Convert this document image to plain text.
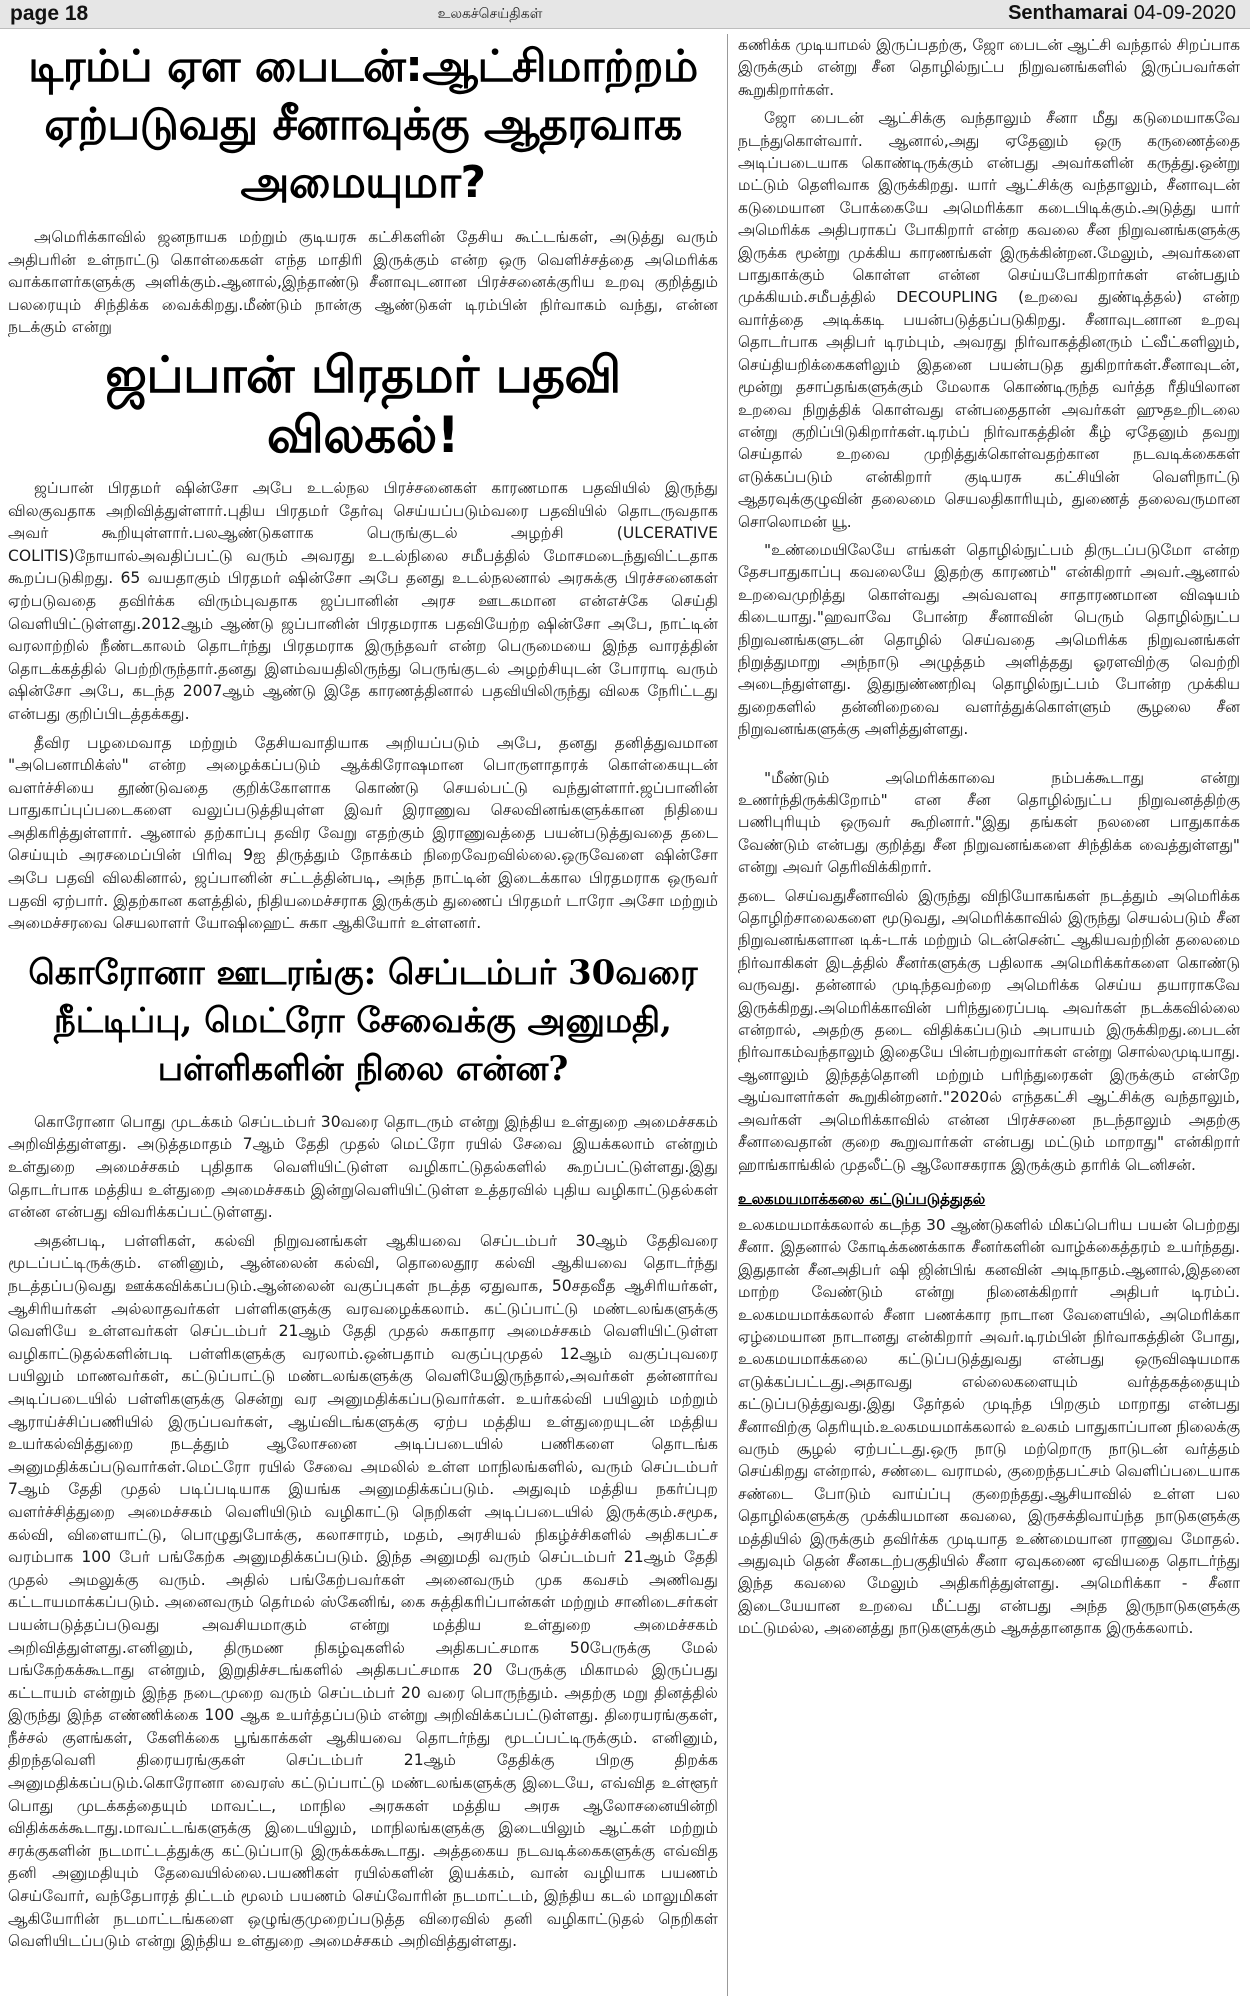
page 18	உலகச்செய்திகள்	Senthamarai 04-09-2020
டிரம்ப் ஏள பைடன்:ஆட்சிமாற்றம் ஏற்படுவது சீனாவுக்கு ஆதரவாக அமையுமா?

அமெரிக்காவில் ஜனநாயக மற்றும் குடியரசு கட்சிகளின் தேசிய கூட்டங்கள், அடுத்து வரும் அதிபரின் உள்நாட்டு கொள்கைகள் எந்த மாதிரி இருக்கும் என்ற ஒரு வெளிச்சத்தை அமெரிக்க வாக்காளர்களுக்கு அளிக்கும்.ஆனால்,இந்தாண்டு சீனாவுடனான பிரச்சனைக்குரிய உறவு குறித்தும் பலரையும் சிந்திக்க வைக்கிறது.மீண்டும் நான்கு ஆண்டுகள் டிரம்பின் நிர்வாகம் வந்து, என்ன நடக்கும் என்று

ஜப்பான் பிரதமர் பதவி விலகல்!

ஜப்பான் பிரதமர் ஷின்சோ அபே உடல்நல பிரச்சனைகள் காரணமாக பதவியில் இருந்து விலகுவதாக அறிவித்துள்ளார்.புதிய பிரதமர் தேர்வு செய்யப்படும்வரை பதவியில் தொடருவதாக அவர் கூறியுள்ளார்.பலஆண்டுகளாக பெருங்குடல் அழற்சி (ULCERATIVE COLITIS)நோயால்அவதிப்பட்டு வரும் அவரது உடல்நிலை சமீபத்தில் மோசமடைந்துவிட்டதாக கூறப்படுகிறது. 65 வயதாகும் பிரதமர் ஷின்சோ அபே தனது உடல்நலனால் அரசுக்கு பிரச்சனைகள் ஏற்படுவதை தவிர்க்க விரும்புவதாக ஜப்பானின் அரச ஊடகமான என்எச்கே செய்தி வெளியிட்டுள்ளது.2012ஆம் ஆண்டு ஜப்பானின் பிரதமராக பதவியேற்ற ஷின்சோ அபே, நாட்டின் வரலாற்றில் நீண்டகாலம் தொடர்ந்து பிரதமராக இருந்தவர் என்ற பெருமையை இந்த வாரத்தின் தொடக்கத்தில் பெற்றிருந்தார்.தனது இளம்வயதிலிருந்து பெருங்குடல் அழற்சியுடன் போராடி வரும் ஷின்சோ அபே, கடந்த 2007ஆம் ஆண்டு இதே காரணத்தினால் பதவியிலிருந்து விலக நேரிட்டது என்பது குறிப்பிடத்தக்கது.

தீவிர பழமைவாத மற்றும் தேசியவாதியாக அறியப்படும் அபே, தனது தனித்துவமான "அபெனாமிக்ஸ்" என்ற அழைக்கப்படும் ஆக்கிரோஷமான பொருளாதாரக் கொள்கையுடன் வளர்ச்சியை தூண்டுவதை குறிக்கோளாக கொண்டு செயல்பட்டு வந்துள்ளார்.ஜப்பானின் பாதுகாப்புப்படைகளை வலுப்படுத்தியுள்ள இவர் இராணுவ செலவினங்களுக்கான நிதியை அதிகரித்துள்ளார். ஆனால் தற்காப்பு தவிர வேறு எதற்கும் இராணுவத்தை பயன்படுத்துவதை தடை செய்யும் அரசமைப்பின் பிரிவு 9ஐ திருத்தும் நோக்கம் நிறைவேறவில்லை.ஒருவேளை ஷின்சோ அபே பதவி விலகினால், ஜப்பானின் சட்டத்தின்படி, அந்த நாட்டின் இடைக்கால பிரதமராக ஒருவர் பதவி ஏற்பார். இதற்கான களத்தில், நிதியமைச்சராக இருக்கும் துணைப் பிரதமர் டாரோ அசோ மற்றும் அமைச்சரவை செயலாளர் யோஷிஹைட் சுகா ஆகியோர் உள்ளனர்.

கொரோனா ஊடரங்கு: செப்டம்பர் 30வரை நீட்டிப்பு, மெட்ரோ சேவைக்கு அனுமதி, பள்ளிகளின் நிலை என்ன?

கொரோனா பொது முடக்கம் செப்டம்பர் 30வரை தொடரும் என்று இந்திய உள்துறை அமைச்சகம் அறிவித்துள்ளது. அடுத்தமாதம் 7ஆம் தேதி முதல் மெட்ரோ ரயில் சேவை இயக்கலாம் என்றும் உள்துறை அமைச்சகம் புதிதாக வெளியிட்டுள்ள வழிகாட்டுதல்களில் கூறப்பட்டுள்ளது.இது தொடர்பாக மத்திய உள்துறை அமைச்சகம் இன்றுவெளியிட்டுள்ள உத்தரவில் புதிய வழிகாட்டுதல்கள் என்ன என்பது விவரிக்கப்பட்டுள்ளது.

அதன்படி, பள்ளிகள், கல்வி நிறுவனங்கள் ஆகியவை செப்டம்பர் 30ஆம் தேதிவரை மூடப்பட்டிருக்கும். எனினும், ஆன்லைன் கல்வி, தொலைதூர கல்வி ஆகியவை தொடர்ந்து நடத்தப்படுவது ஊக்கவிக்கப்படும்.ஆன்லைன் வகுப்புகள் நடத்த ஏதுவாக, 50சதவீத ஆசிரியர்கள், ஆசிரியர்கள் அல்லாதவர்கள் பள்ளிகளுக்கு வரவழைக்கலாம். கட்டுப்பாட்டு மண்டலங்களுக்கு வெளியே உள்ளவர்கள் செப்டம்பர் 21ஆம் தேதி முதல் சுகாதார அமைச்சகம் வெளியிட்டுள்ள வழிகாட்டுதல்களின்படி பள்ளிகளுக்கு வரலாம்.ஒன்பதாம் வகுப்புமுதல் 12ஆம் வகுப்புவரை பயிலும் மாணவர்கள், கட்டுப்பாட்டு மண்டலங்களுக்கு வெளியேஇருந்தால்,அவர்கள் தன்னார்வ அடிப்படையில் பள்ளிகளுக்கு சென்று வர அனுமதிக்கப்படுவார்கள். உயர்கல்வி பயிலும் மற்றும் ஆராய்ச்சிப்பணியில் இருப்பவர்கள், ஆய்விடங்களுக்கு ஏற்ப மத்திய உள்துறையுடன் மத்திய உயர்கல்வித்துறை நடத்தும் ஆலோசனை அடிப்படையில் பணிகளை தொடங்க அனுமதிக்கப்படுவார்கள்.மெட்ரோ ரயில் சேவை அமலில் உள்ள மாநிலங்களில், வரும் செப்டம்பர் 7ஆம் தேதி முதல் படிப்படியாக இயங்க அனுமதிக்கப்படும். அதுவும் மத்திய நகர்ப்புற வளர்ச்சித்துறை அமைச்சகம் வெளியிடும் வழிகாட்டு நெறிகள் அடிப்படையில் இருக்கும்.சமூக, கல்வி, விளையாட்டு, பொழுதுபோக்கு, கலாசாரம், மதம், அரசியல் நிகழ்ச்சிகளில் அதிகபட்ச வரம்பாக 100 பேர் பங்கேற்க அனுமதிக்கப்படும். இந்த அனுமதி வரும் செப்டம்பர் 21ஆம் தேதி முதல் அமலுக்கு வரும். அதில் பங்கேற்பவர்கள் அனைவரும் முக கவசம் அணிவது கட்டாயமாக்கப்படும். அனைவரும் தெர்மல் ஸ்கேனிங், கை சுத்திகரிப்பான்கள் மற்றும் சானிடைசர்கள் பயன்படுத்தப்படுவது அவசியமாகும் என்று மத்திய உள்துறை அமைச்சகம் அறிவித்துள்ளது.எனினும், திருமண நிகழ்வுகளில் அதிகபட்சமாக 50பேருக்கு மேல் பங்கேற்கக்கூடாது என்றும், இறுதிச்சடங்களில் அதிகபட்சமாக 20 பேருக்கு மிகாமல் இருப்பது கட்டாயம் என்றும் இந்த நடைமுறை வரும் செப்டம்பர் 20 வரை பொருந்தும். அதற்கு மறு தினத்தில் இருந்து இந்த எண்ணிக்கை 100 ஆக உயர்த்தப்படும் என்று அறிவிக்கப்பட்டுள்ளது. திரையரங்குகள், நீச்சல் குளங்கள், கேளிக்கை பூங்காக்கள் ஆகியவை தொடர்ந்து மூடப்பட்டிருக்கும். எனினும், திறந்தவெளி திரையரங்குகள் செப்டம்பர் 21ஆம் தேதிக்கு பிறகு திறக்க அனுமதிக்கப்படும்.கொரோனா வைரஸ் கட்டுப்பாட்டு மண்டலங்களுக்கு இடையே, எவ்வித உள்ளூர் பொது முடக்கத்தையும் மாவட்ட, மாநில அரசுகள் மத்திய அரசு ஆலோசனையின்றி விதிக்கக்கூடாது.மாவட்டங்களுக்கு இடையிலும், மாநிலங்களுக்கு இடையிலும் ஆட்கள் மற்றும் சரக்குகளின் நடமாட்டத்துக்கு கட்டுப்பாடு இருக்கக்கூடாது. அத்தகைய நடவடிக்கைகளுக்கு எவ்வித தனி அனுமதியும் தேவையில்லை.பயணிகள் ரயில்களின் இயக்கம், வான் வழியாக பயணம் செய்வோர், வந்தேபாரத் திட்டம் மூலம் பயணம் செய்வோரின் நடமாட்டம், இந்திய கடல் மாலுமிகள் ஆகியோரின் நடமாட்டங்களை ஒழுங்குமுறைப்படுத்த விரைவில் தனி வழிகாட்டுதல் நெறிகள் வெளியிடப்படும் என்று இந்திய உள்துறை அமைச்சகம் அறிவித்துள்ளது.

கணிக்க முடியாமல் இருப்பதற்கு, ஜோ பைடன் ஆட்சி வந்தால் சிறப்பாக இருக்கும் என்று சீன தொழில்நுட்ப நிறுவனங்களில் இருப்பவர்கள் கூறுகிறார்கள்.

ஜோ பைடன் ஆட்சிக்கு வந்தாலும் சீனா மீது கடுமையாகவே நடந்துகொள்வார். ஆனால்,அது ஏதேனும் ஒரு கருணைத்தை அடிப்படையாக கொண்டிருக்கும் என்பது அவர்களின் கருத்து.ஒன்று மட்டும் தெளிவாக இருக்கிறது. யார் ஆட்சிக்கு வந்தாலும், சீனாவுடன் கடுமையான போக்கையே அமெரிக்கா கடைபிடிக்கும்.அடுத்து யார் அமெரிக்க அதிபராகப் போகிறார் என்ற கவலை சீன நிறுவனங்களுக்கு இருக்க மூன்று முக்கிய காரணங்கள் இருக்கின்றன.மேலும், அவர்களை பாதுகாக்கும் கொள்ள என்ன செய்யபோகிறார்கள் என்பதும் முக்கியம்.சமீபத்தில் DECOUPLING (உறவை துண்டித்தல்) என்ற வார்த்தை அடிக்கடி பயன்படுத்தப்படுகிறது. சீனாவுடனான உறவு தொடர்பாக அதிபர் டிரம்பும், அவரது நிர்வாகத்தினரும் ட்வீட்களிலும், செய்தியறிக்கைகளிலும் இதனை பயன்படுத துகிறார்கள்.சீனாவுடன், மூன்று தசாப்தங்களுக்கும் மேலாக கொண்டிருந்த வர்த்த ரீதியிலான உறவை நிறுத்திக் கொள்வது என்பதைதான் அவர்கள் ஹுதஉறிடலை என்று குறிப்பிடுகிறார்கள்.டிரம்ப் நிர்வாகத்தின் கீழ் ஏதேனும் தவறு செய்தால் உறவை முறித்துக்கொள்வதற்கான நடவடிக்கைகள் எடுக்கப்படும் என்கிறார் குடியரசு கட்சியின் வெளிநாட்டு ஆதரவுக்குழுவின் தலைமை செயலதிகாரியும், துணைத் தலைவருமான சொலொமன் யூ.

"உண்மையிலேயே எங்கள் தொழில்நுட்பம் திருடப்படுமோ என்ற தேசபாதுகாப்பு கவலையே இதற்கு காரணம்" என்கிறார் அவர்.ஆனால் உறவைமுறித்து கொள்வது அவ்வளவு சாதாரணமான விஷயம் கிடையாது."ஹவாவே போன்ற சீனாவின் பெரும் தொழில்நுட்ப நிறுவனங்களுடன் தொழில் செய்வதை அமெரிக்க நிறுவனங்கள் நிறுத்துமாறு அந்நாடு அழுத்தம் அளித்தது ஓரளவிற்கு வெற்றி அடைந்துள்ளது. இதுநுண்ணறிவு தொழில்நுட்பம் போன்ற முக்கிய துறைகளில் தன்னிறைவை வளர்த்துக்கொள்ளும் சூழலை சீன நிறுவனங்களுக்கு அளித்துள்ளது.

"மீண்டும் அமெரிக்காவை நம்பக்கூடாது என்று உணர்ந்திருக்கிறோம்" என சீன தொழில்நுட்ப நிறுவனத்திற்கு பணிபுரியும் ஒருவர் கூறினார்."இது தங்கள் நலனை பாதுகாக்க வேண்டும் என்பது குறித்து சீன நிறுவனங்களை சிந்திக்க வைத்துள்ளது" என்று அவர் தெரிவிக்கிறார்.

தடை செய்வதுசீனாவில் இருந்து விநியோகங்கள் நடத்தும் அமெரிக்க தொழிற்சாலைகளை மூடுவது, அமெரிக்காவில் இருந்து செயல்படும் சீன நிறுவனங்களான டிக்-டாக் மற்றும் டென்சென்ட் ஆகியவற்றின் தலைமை நிர்வாகிகள் இடத்தில் சீனர்களுக்கு பதிலாக அமெரிக்கர்களை கொண்டு வருவது. தன்னால் முடிந்தவற்றை அமெரிக்க செய்ய தயாராகவே இருக்கிறது.அமெரிக்காவின் பரிந்துரைப்படி அவர்கள் நடக்கவில்லை என்றால், அதற்கு தடை விதிக்கப்படும் அபாயம் இருக்கிறது.பைடன் நிர்வாகம்வந்தாலும் இதையே பின்பற்றுவார்கள் என்று சொல்லமுடியாது. ஆனாலும் இந்தத்தொனி மற்றும் பரிந்துரைகள் இருக்கும் என்றே ஆய்வாளர்கள் கூறுகின்றனர்."2020ல் எந்தகட்சி ஆட்சிக்கு வந்தாலும், அவர்கள் அமெரிக்காவில் என்ன பிரச்சனை நடந்தாலும் அதற்கு சீனாவைதான் குறை கூறுவார்கள் என்பது மட்டும் மாறாது" என்கிறார் ஹாங்காங்கில் முதலீட்டு ஆலோசகராக இருக்கும் தாரிக் டெனிசன்.

உலகமயமாக்கலை கட்டுப்படுத்துதல்

உலகமயமாக்கலால் கடந்த 30 ஆண்டுகளில் மிகப்பெரிய பயன் பெற்றது சீனா. இதனால் கோடிக்கணக்காக சீனர்களின் வாழ்க்கைத்தரம் உயர்ந்தது. இதுதான் சீனஅதிபர் ஷி ஜின்பிங் கனவின் அடிநாதம்.ஆனால்,இதனை மாற்ற வேண்டும் என்று நினைக்கிறார் அதிபர் டிரம்ப். உலகமயமாக்கலால் சீனா பணக்கார நாடான வேளையில், அமெரிக்கா ஏழ்மையான நாடானது என்கிறார் அவர்.டிரம்பின் நிர்வாகத்தின் போது, உலகமயமாக்கலை கட்டுப்படுத்துவது என்பது ஒருவிஷயமாக எடுக்கப்பட்டது.அதாவது எல்லைகளையும் வர்த்தகத்தையும் கட்டுப்படுத்துவது.இது தேர்தல் முடிந்த பிறகும் மாறாது என்பது சீனாவிற்கு தெரியும்.உலகமயமாக்கலால் உலகம் பாதுகாப்பான நிலைக்கு வரும் சூழல் ஏற்பட்டது.ஒரு நாடு மற்றொரு நாடுடன் வர்த்தம் செய்கிறது என்றால், சண்டை வராமல், குறைந்தபட்சம் வெளிப்படையாக சண்டை போடும் வாய்ப்பு குறைந்தது.ஆசியாவில் உள்ள பல தொழில்களுக்கு முக்கியமான கவலை, இருசக்திவாய்ந்த நாடுகளுக்கு மத்தியில் இருக்கும் தவிர்க்க முடியாத உண்மையான ராணுவ மோதல். அதுவும் தென் சீனகடற்பகுதியில் சீனா ஏவுகணை ஏவியதை தொடர்ந்து இந்த கவலை மேலும் அதிகரித்துள்ளது. அமெரிக்கா - சீனா இடையேயான உறவை மீட்பது என்பது அந்த இருநாடுகளுக்கு மட்டுமல்ல, அனைத்து நாடுகளுக்கும் ஆசுத்தானதாக இருக்கலாம்.
